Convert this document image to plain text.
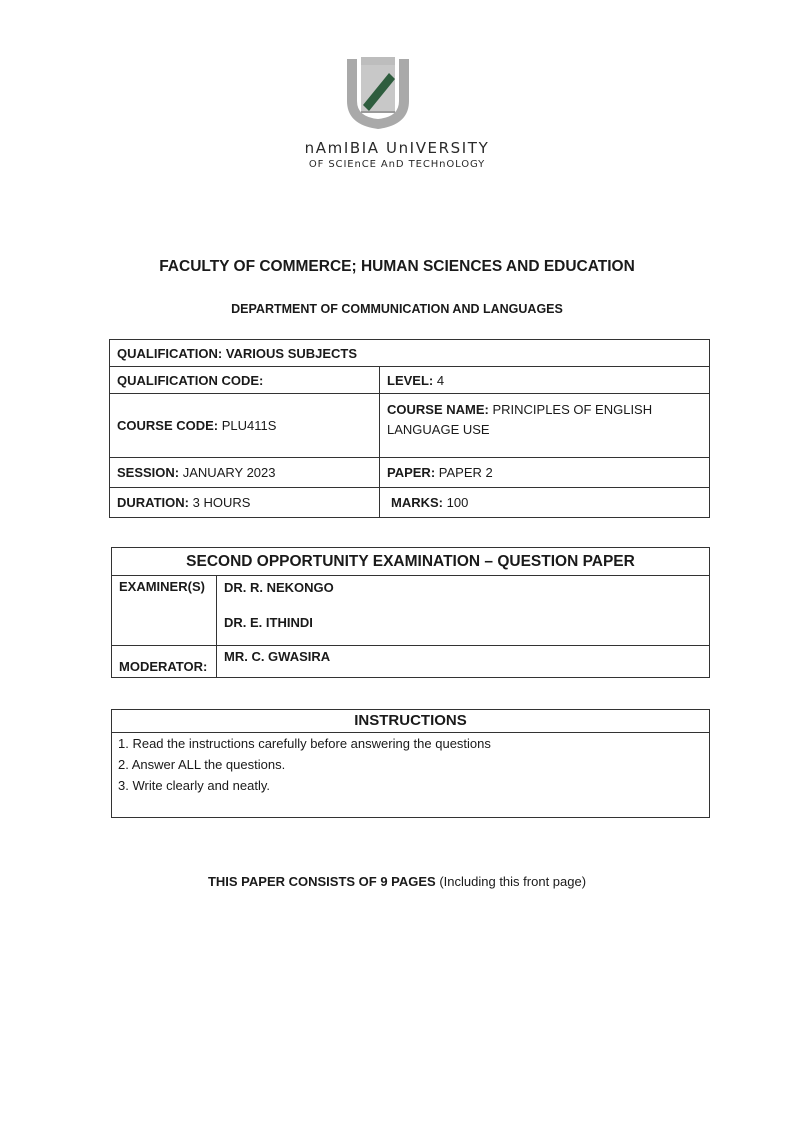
nAmIBIA UnIVERSITY
OF SCIEnCE AnD TECHnOLOGY
FACULTY OF COMMERCE; HUMAN SCIENCES AND EDUCATION
DEPARTMENT OF COMMUNICATION AND LANGUAGES
QUALIFICATION: VARIOUS SUBJECTS	
QUALIFICATION CODE:	LEVEL: 4
COURSE CODE: PLU411S	COURSE NAME: PRINCIPLES OF ENGLISH
LANGUAGE USE
SESSION: JANUARY 2023	PAPER: PAPER 2
DURATION: 3 HOURS	MARKS: 100
SECOND OPPORTUNITY EXAMINATION – QUESTION PAPER	
EXAMINER(S)	DR. R. NEKONGO
DR. E. ITHINDI

MODERATOR:	MR. C. GWASIRA
INSTRUCTIONS
1. Read the instructions carefully before answering the questions
2. Answer ALL the questions.
3. Write clearly and neatly.
THIS PAPER CONSISTS OF 9 PAGES (Including this front page)
